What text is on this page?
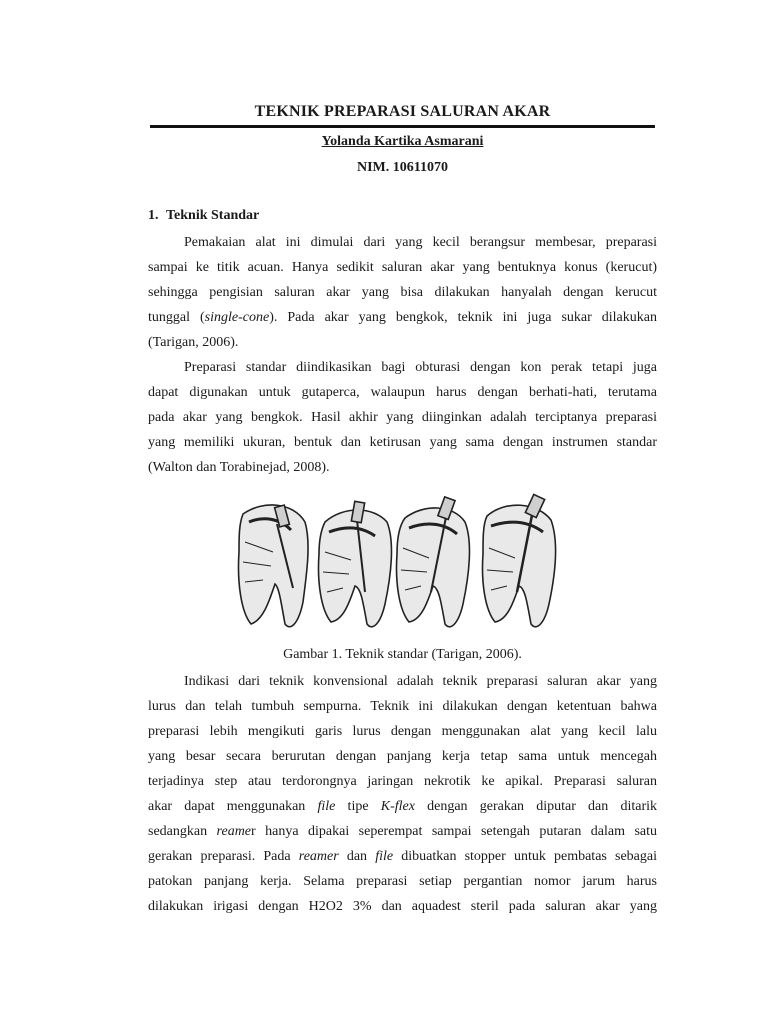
TEKNIK PREPARASI SALURAN AKAR
Yolanda Kartika Asmarani
NIM. 10611070
1. Teknik Standar
Pemakaian alat ini dimulai dari yang kecil berangsur membesar, preparasi
sampai ke titik acuan. Hanya sedikit saluran akar yang bentuknya konus (kerucut)
sehingga pengisian saluran akar yang bisa dilakukan hanyalah dengan kerucut
tunggal (single-cone). Pada akar yang bengkok, teknik ini juga sukar dilakukan
(Tarigan, 2006).
Preparasi standar diindikasikan bagi obturasi dengan kon perak tetapi juga
dapat digunakan untuk gutaperca, walaupun harus dengan berhati-hati, terutama
pada akar yang bengkok. Hasil akhir yang diinginkan adalah terciptanya preparasi
yang memiliki ukuran, bentuk dan ketirusan yang sama dengan instrumen standar
(Walton dan Torabinejad, 2008).
Gambar 1. Teknik standar (Tarigan, 2006).
Indikasi dari teknik konvensional adalah teknik preparasi saluran akar yang
lurus dan telah tumbuh sempurna. Teknik ini dilakukan dengan ketentuan bahwa
preparasi lebih mengikuti garis lurus dengan menggunakan alat yang kecil lalu
yang besar secara berurutan dengan panjang kerja tetap sama untuk mencegah
terjadinya step atau terdorongnya jaringan nekrotik ke apikal. Preparasi saluran
akar dapat menggunakan file tipe K-flex dengan gerakan diputar dan ditarik
sedangkan reamer hanya dipakai seperempat sampai setengah putaran dalam satu
gerakan preparasi. Pada reamer dan file dibuatkan stopper untuk pembatas sebagai
patokan panjang kerja. Selama preparasi setiap pergantian nomor jarum harus
dilakukan irigasi dengan H2O2 3% dan aquadest steril pada saluran akar yang
